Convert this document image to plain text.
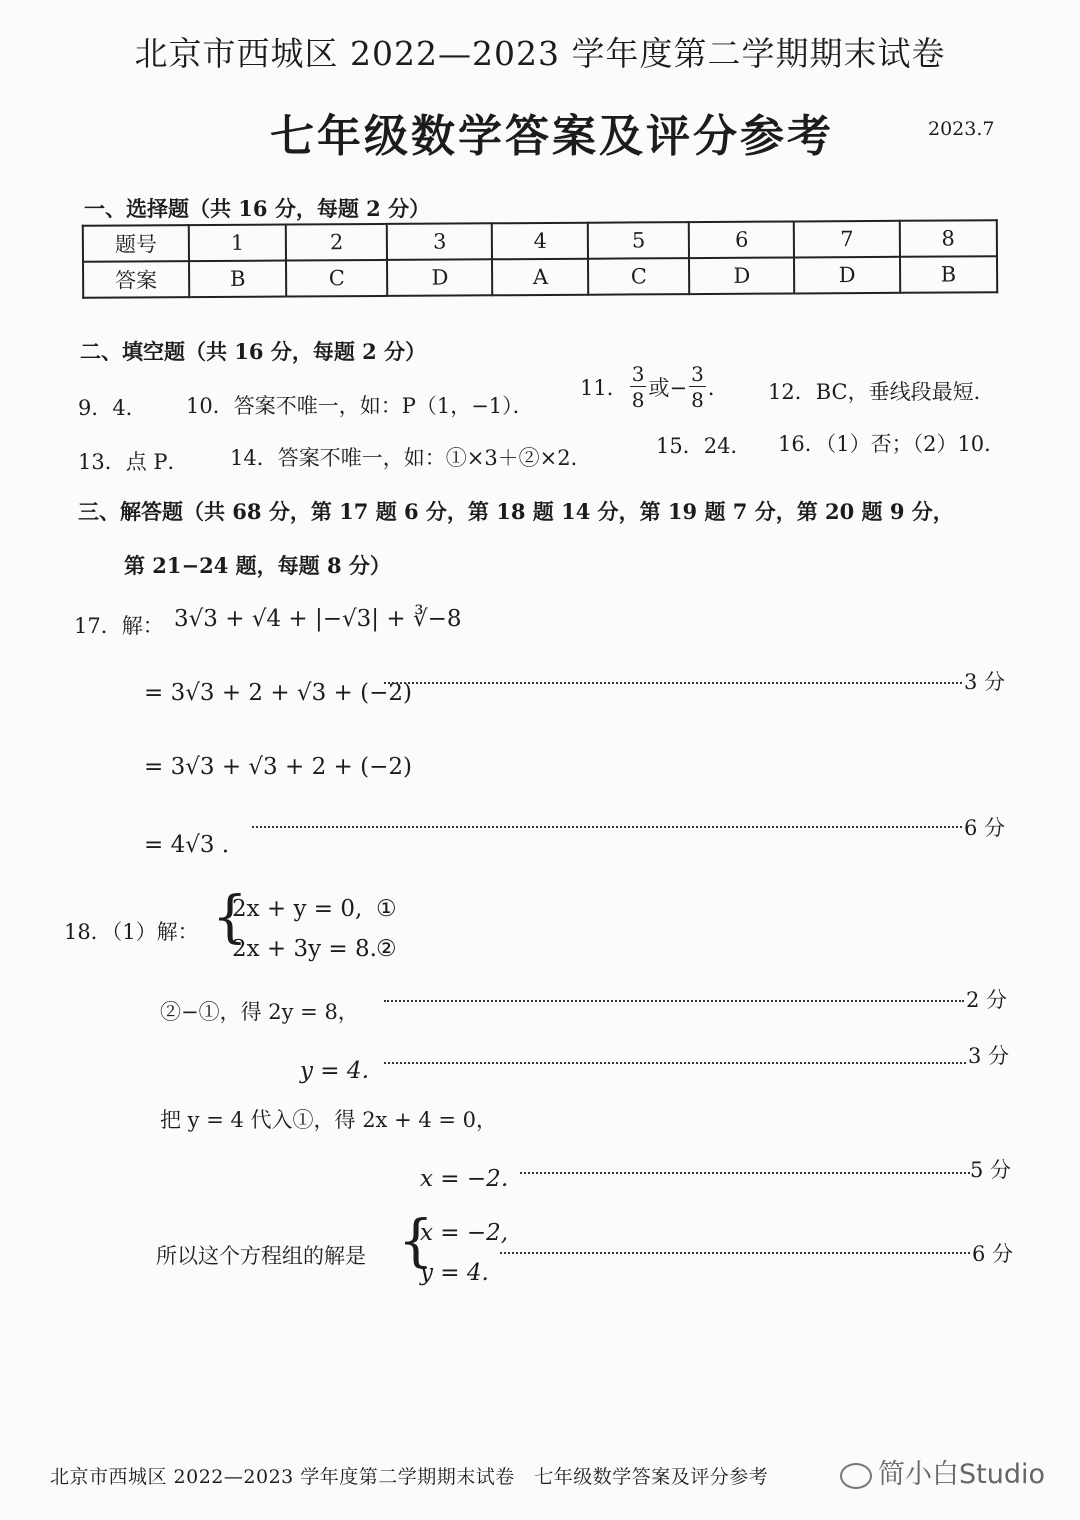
北京市西城区 2022—2023 学年度第二学期期末试卷
七年级数学答案及评分参考	2023.7
一、选择题（共 16 分，每题 2 分）
题号	1	2	3	4	5	6	7	8
答案	B	C	D	A	C	D	D	B
二、填空题（共 16 分，每题 2 分）
9．4． 10．答案不唯一，如：P（1，−1）．
11． $\frac{3}{8}$ 或− $\frac{3}{8}$ ． 12．BC，垂线段最短．
13．点 P． 14．答案不唯一，如：①×3＋②×2．	15．24． 16．（1）否；（2）10．
三、解答题（共 68 分，第 17 题 6 分，第 18 题 14 分，第 19 题 7 分，第 20 题 9 分，
第 21−24 题，每题 8 分）
17．解： 3√3 + √4 + |−√3| + ∛−8
= 3√3 + 2 + √3 + (−2)	3 分
= 3√3 + √3 + 2 + (−2)
= 4√3 ．
6 分
18．（1）解： {
2x + y = 0, ①
2x + 3y = 8. ②
②−①，得 2y = 8，	2 分
y = 4．
3 分
把 y = 4 代入①，得 2x + 4 = 0，
x = −2．	5 分
所以这个方程组的解是 {
x = −2,
y = 4.
6 分
北京市西城区 2022—2023 学年度第二学期期末试卷　七年级数学答案及评分参考	简小白Studio
